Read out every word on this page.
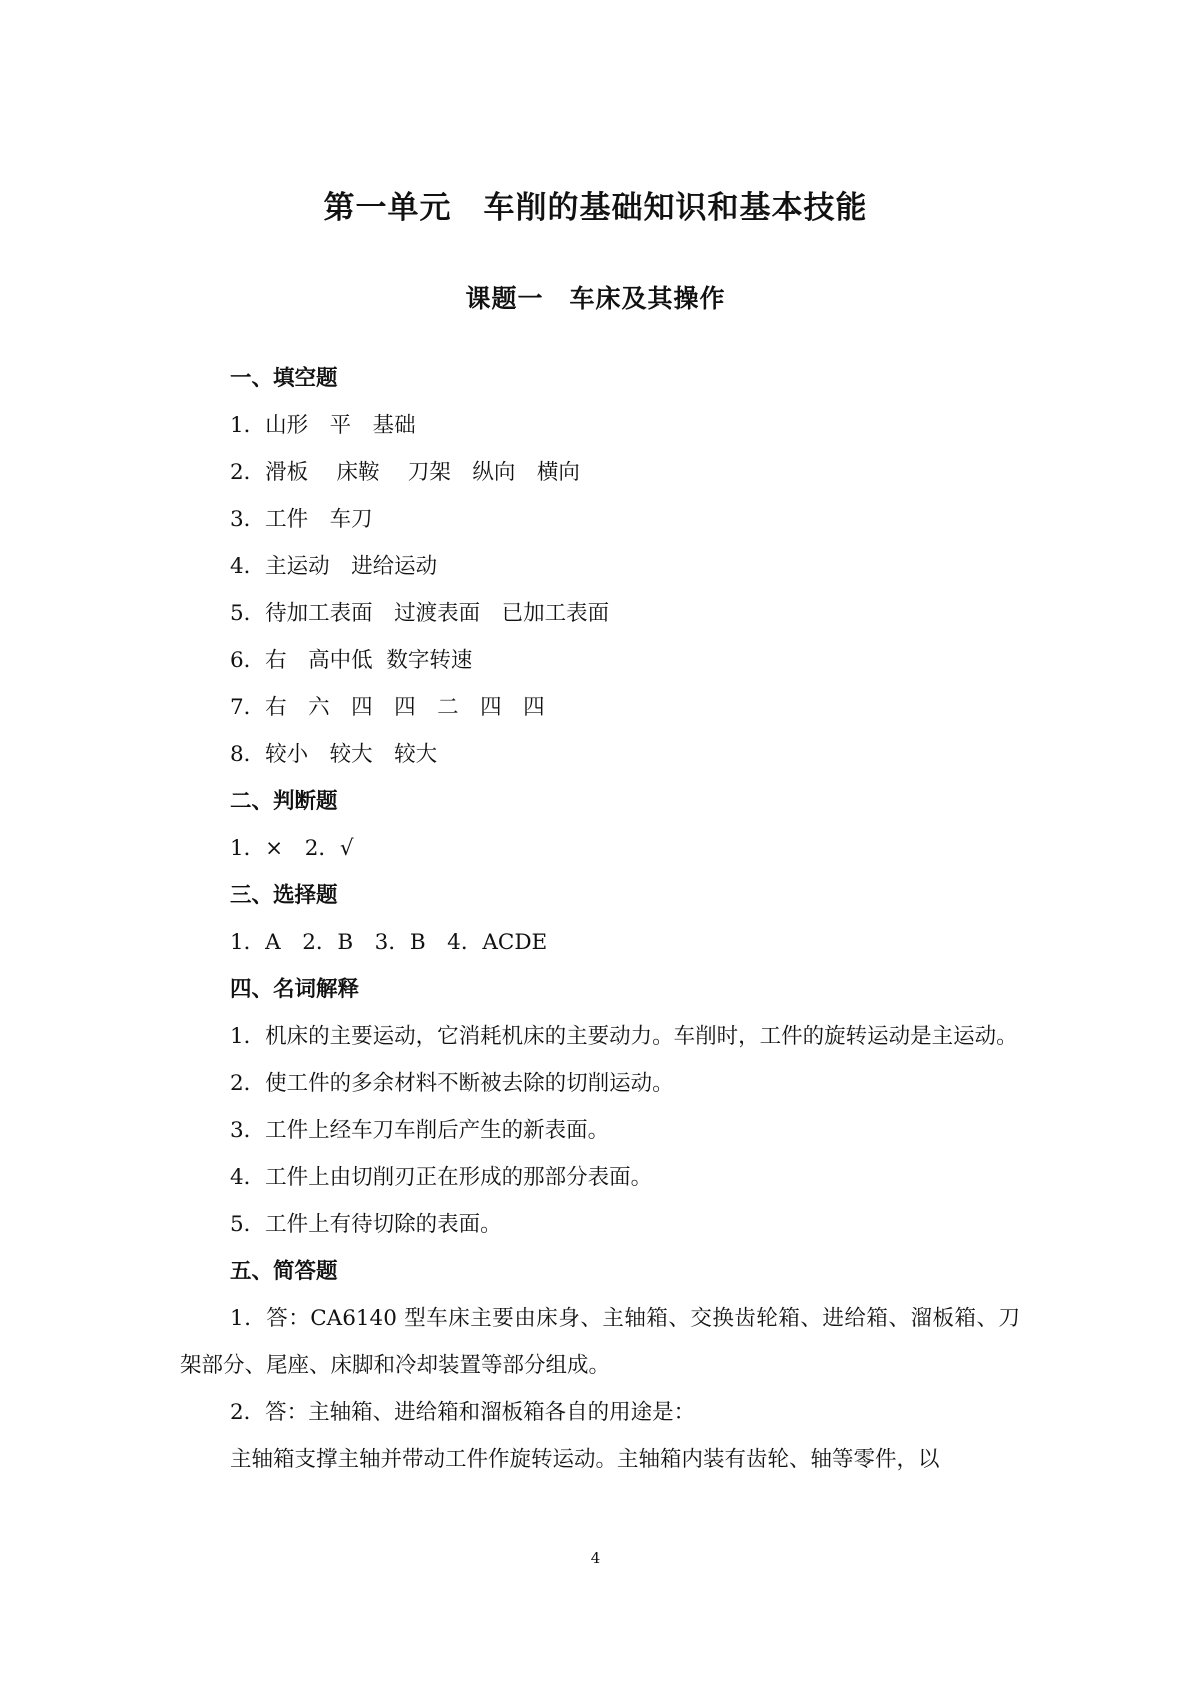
第一单元　车削的基础知识和基本技能
课题一　车床及其操作
一、填空题
1．山形　平　基础
2．滑板　 床鞍　 刀架　纵向　横向
3．工件　车刀
4．主运动　进给运动
5．待加工表面　过渡表面　已加工表面
6．右　高中低  数字转速
7．右　六　四　四　二　四　四
8．较小　较大　较大
二、判断题
1．×　2．√
三、选择题
1．A　2．B　3．B　4．ACDE
四、名词解释
1．机床的主要运动，它消耗机床的主要动力。车削时，工件的旋转运动是主运动。
2．使工件的多余材料不断被去除的切削运动。
3．工件上经车刀车削后产生的新表面。
4．工件上由切削刃正在形成的那部分表面。
5．工件上有待切除的表面。
五、简答题
1．答：CA6140 型车床主要由床身、主轴箱、交换齿轮箱、进给箱、溜板箱、刀架部分、尾座、床脚和冷却装置等部分组成。
2．答：主轴箱、进给箱和溜板箱各自的用途是：
主轴箱支撑主轴并带动工件作旋转运动。主轴箱内装有齿轮、轴等零件，以
4
